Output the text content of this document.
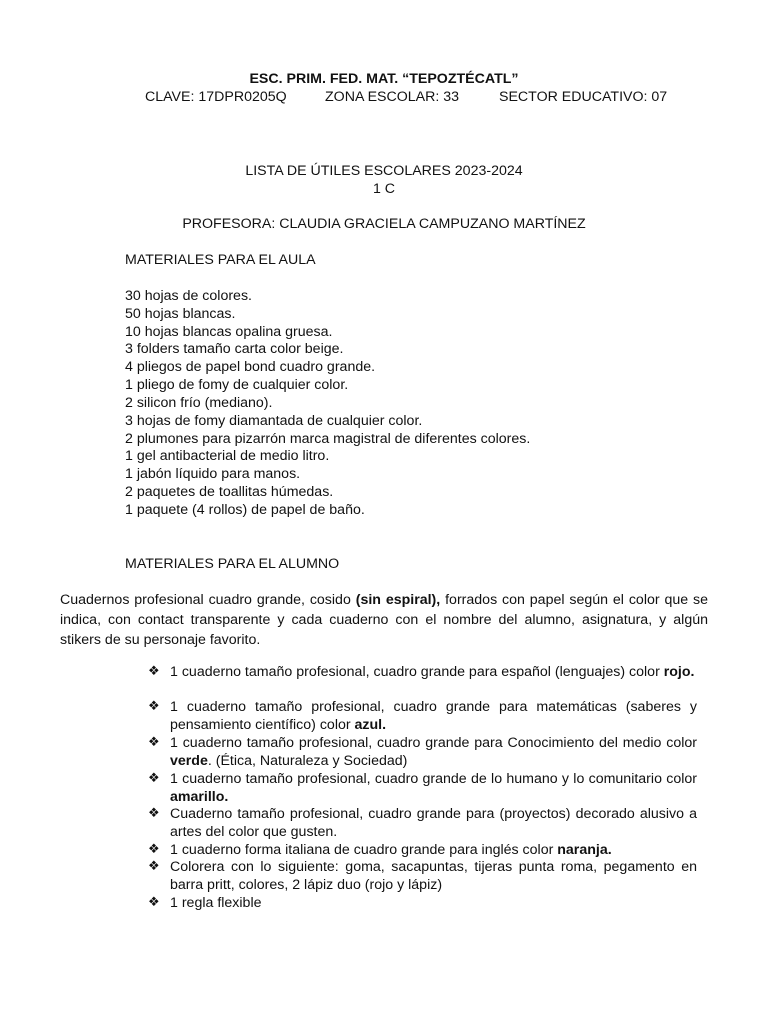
ESC. PRIM. FED. MAT. “TEPOZTÉCATL”
CLAVE: 17DPR0205Q	ZONA ESCOLAR: 33	SECTOR EDUCATIVO: 07
LISTA DE ÚTILES ESCOLARES 2023-2024
1 C
PROFESORA: CLAUDIA GRACIELA CAMPUZANO MARTÍNEZ
MATERIALES PARA EL AULA
30 hojas de colores.
50 hojas blancas.
10 hojas blancas opalina gruesa.
3 folders tamaño carta color beige.
4 pliegos de papel bond cuadro grande.
1 pliego de fomy de cualquier color.
2 silicon frío (mediano).
3 hojas de fomy diamantada de cualquier color.
2 plumones para pizarrón marca magistral de diferentes colores.
1 gel antibacterial de medio litro.
1 jabón líquido para manos.
2 paquetes de toallitas húmedas.
1 paquete (4 rollos) de papel de baño.
MATERIALES PARA EL ALUMNO
Cuadernos profesional cuadro grande, cosido (sin espiral), forrados con papel según el color que se indica, con contact transparente y cada cuaderno con el nombre del alumno, asignatura, y algún stikers de su personaje favorito.
❖ 1 cuaderno tamaño profesional, cuadro grande para español (lenguajes) color rojo.
❖ 1 cuaderno tamaño profesional, cuadro grande para matemáticas (saberes y pensamiento científico) color azul.
❖ 1 cuaderno tamaño profesional, cuadro grande para Conocimiento del medio color verde. (Ética, Naturaleza y Sociedad)
❖ 1 cuaderno tamaño profesional, cuadro grande de lo humano y lo comunitario color amarillo.
❖ Cuaderno tamaño profesional, cuadro grande para (proyectos) decorado alusivo a artes del color que gusten.
❖ 1 cuaderno forma italiana de cuadro grande para inglés color naranja.
❖ Colorera con lo siguiente: goma, sacapuntas, tijeras punta roma, pegamento en barra pritt, colores, 2 lápiz duo (rojo y lápiz)
❖ 1 regla flexible
